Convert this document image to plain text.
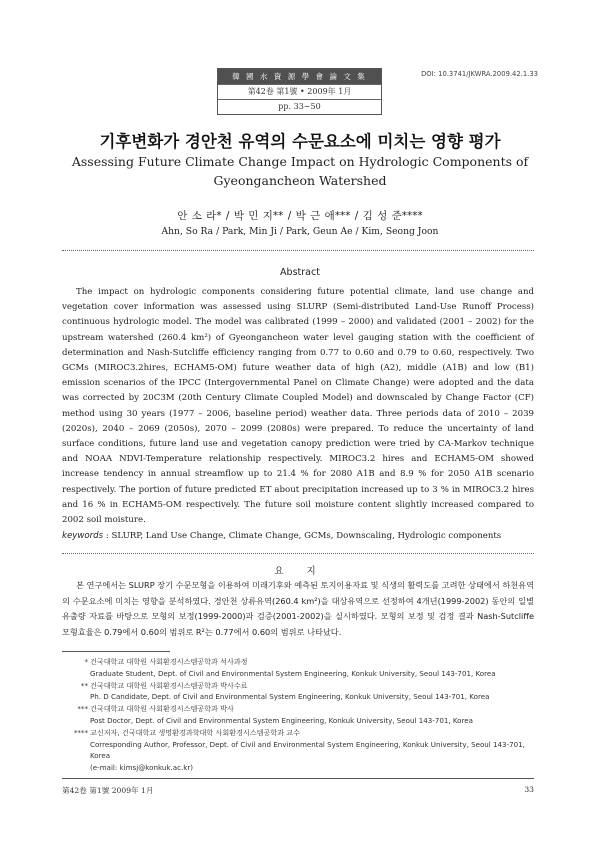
韓 國 水 資 源 學 會 論 文 集
第42卷 第1號 • 2009年 1月
pp. 33∼50
DOI: 10.3741/JKWRA.2009.42.1.33
기후변화가 경안천 유역의 수문요소에 미치는 영향 평가
Assessing Future Climate Change Impact on Hydrologic Components of
Gyeongancheon Watershed
안 소 라* / 박 민 지** / 박 근 애*** / 김 성 준****
Ahn, So Ra / Park, Min Ji / Park, Geun Ae / Kim, Seong Joon
Abstract
The impact on hydrologic components considering future potential climate, land use change and vegetation cover information was assessed using SLURP (Semi-distributed Land-Use Runoff Process) continuous hydrologic model. The model was calibrated (1999 – 2000) and validated (2001 – 2002) for the upstream watershed (260.4 km²) of Gyeongancheon water level gauging station with the coefficient of determination and Nash-Sutcliffe efficiency ranging from 0.77 to 0.60 and 0.79 to 0.60, respectively. Two GCMs (MIROC3.2hires, ECHAM5-OM) future weather data of high (A2), middle (A1B) and low (B1) emission scenarios of the IPCC (Intergovernmental Panel on Climate Change) were adopted and the data was corrected by 20C3M (20th Century Climate Coupled Model) and downscaled by Change Factor (CF) method using 30 years (1977 – 2006, baseline period) weather data. Three periods data of 2010 – 2039 (2020s), 2040 – 2069 (2050s), 2070 – 2099 (2080s) were prepared. To reduce the uncertainty of land surface conditions, future land use and vegetation canopy prediction were tried by CA-Markov technique and NOAA NDVI-Temperature relationship respectively. MIROC3.2 hires and ECHAM5-OM showed increase tendency in annual streamflow up to 21.4 % for 2080 A1B and 8.9 % for 2050 A1B scenario respectively. The portion of future predicted ET about precipitation increased up to 3 % in MIROC3.2 hires and 16 % in ECHAM5-OM respectively. The future soil moisture content slightly increased compared to 2002 soil moisture.
keywords : SLURP, Land Use Change, Climate Change, GCMs, Downscaling, Hydrologic components
요 지
본 연구에서는 SLURP 장기 수문모형을 이용하여 미래기후와 예측된 토지이용자료 및 식생의 활력도를 고려한 상태에서 하천유역의 수문요소에 미치는 영향을 분석하였다. 경안천 상류유역(260.4 km²)을 대상유역으로 선정하여 4개년(1999-2002) 동안의 일별 유출량 자료를 바탕으로 모형의 보정(1999-2000)과 검증(2001-2002)을 실시하였다. 모형의 보정 및 검정 결과 Nash-Sutcliffe 모형효율은 0.79에서 0.60의 범위로 R²는 0.77에서 0.60의 범위로 나타났다.
* 건국대학교 대학원 사회환경시스템공학과 석사과정
Graduate Student, Dept. of Civil and Environmental System Engineering, Konkuk University, Seoul 143-701, Korea
** 건국대학교 대학원 사회환경시스템공학과 박사수료
Ph. D Candidate, Dept. of Civil and Environmental System Engineering, Konkuk University, Seoul 143-701, Korea
*** 건국대학교 대학원 사회환경시스템공학과 박사
Post Doctor, Dept. of Civil and Environmental System Engineering, Konkuk University, Seoul 143-701, Korea
**** 교신저자, 건국대학교 생명환경과학대학 사회환경시스템공학과 교수
Corresponding Author, Professor, Dept. of Civil and Environmental System Engineering, Konkuk University, Seoul 143-701, Korea
(e-mail: kimsj@konkuk.ac.kr)
第42卷 第1號 2009年 1月	33
